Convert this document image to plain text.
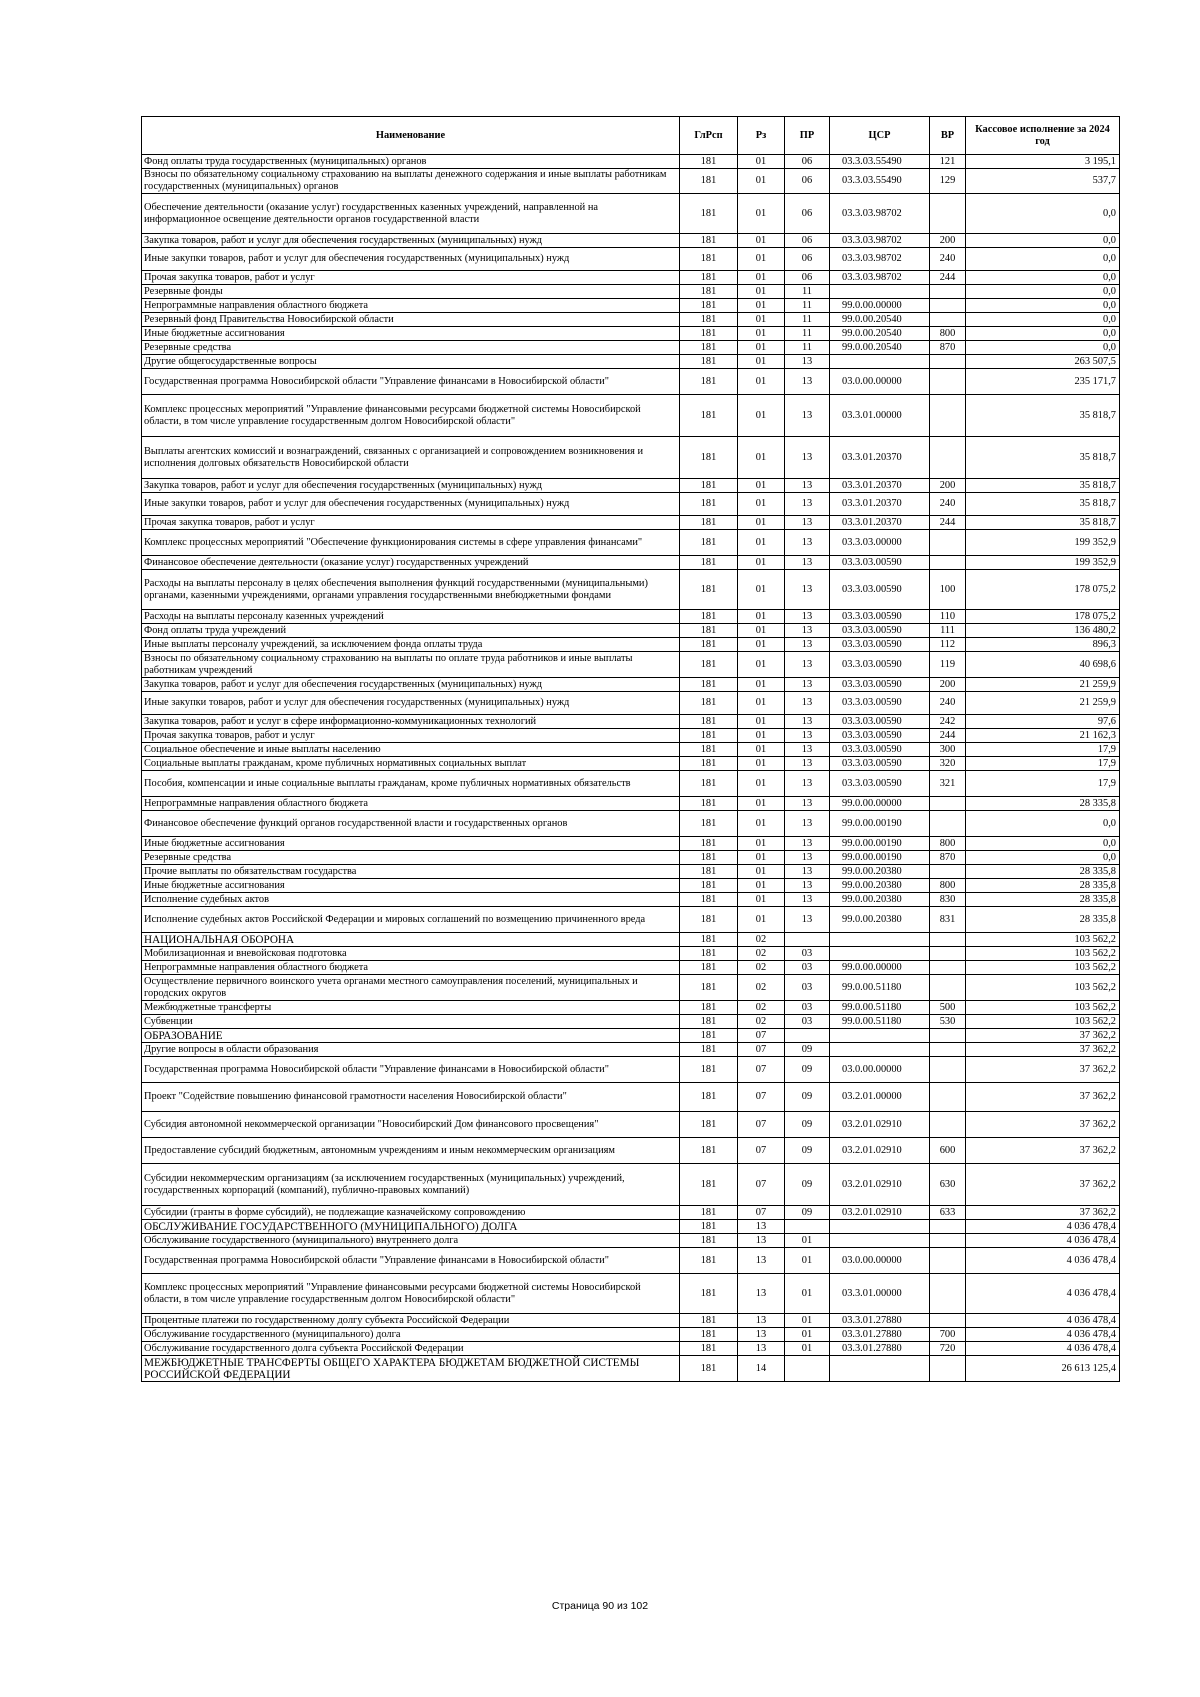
Наименование	ГлРсп	Рз	ПР	ЦСР	ВР	Кассовое исполнение за 2024 год
Фонд оплаты труда государственных (муниципальных) органов	181	01	06	03.3.03.55490	121	3 195,1
Взносы по обязательному социальному страхованию на выплаты денежного содержания и иные выплаты работникам государственных (муниципальных) органов	181	01	06	03.3.03.55490	129	537,7
Обеспечение деятельности (оказание услуг) государственных казенных учреждений, направленной на информационное освещение деятельности органов государственной власти	181	01	06	03.3.03.98702		0,0
Закупка товаров, работ и услуг для обеспечения государственных (муниципальных) нужд	181	01	06	03.3.03.98702	200	0,0
Иные закупки товаров, работ и услуг для обеспечения государственных (муниципальных) нужд	181	01	06	03.3.03.98702	240	0,0
Прочая закупка товаров, работ и услуг	181	01	06	03.3.03.98702	244	0,0
Резервные фонды	181	01	11			0,0
Непрограммные направления областного бюджета	181	01	11	99.0.00.00000		0,0
Резервный фонд Правительства Новосибирской области	181	01	11	99.0.00.20540		0,0
Иные бюджетные ассигнования	181	01	11	99.0.00.20540	800	0,0
Резервные средства	181	01	11	99.0.00.20540	870	0,0
Другие общегосударственные вопросы	181	01	13			263 507,5
Государственная программа Новосибирской области "Управление финансами в Новосибирской области"	181	01	13	03.0.00.00000		235 171,7
Комплекс процессных мероприятий "Управление финансовыми ресурсами бюджетной системы Новосибирской области, в том числе управление государственным долгом Новосибирской области"	181	01	13	03.3.01.00000		35 818,7
Выплаты агентских комиссий и вознаграждений, связанных с организацией и сопровождением возникновения и исполнения долговых обязательств Новосибирской области	181	01	13	03.3.01.20370		35 818,7
Закупка товаров, работ и услуг для обеспечения государственных (муниципальных) нужд	181	01	13	03.3.01.20370	200	35 818,7
Иные закупки товаров, работ и услуг для обеспечения государственных (муниципальных) нужд	181	01	13	03.3.01.20370	240	35 818,7
Прочая закупка товаров, работ и услуг	181	01	13	03.3.01.20370	244	35 818,7
Комплекс процессных мероприятий "Обеспечение функционирования системы в сфере управления финансами"	181	01	13	03.3.03.00000		199 352,9
Финансовое обеспечение деятельности (оказание услуг) государственных учреждений	181	01	13	03.3.03.00590		199 352,9
Расходы на выплаты персоналу в целях обеспечения выполнения функций государственными (муниципальными) органами, казенными учреждениями, органами управления государственными внебюджетными фондами	181	01	13	03.3.03.00590	100	178 075,2
Расходы на выплаты персоналу казенных учреждений	181	01	13	03.3.03.00590	110	178 075,2
Фонд оплаты труда учреждений	181	01	13	03.3.03.00590	111	136 480,2
Иные выплаты персоналу учреждений, за исключением фонда оплаты труда	181	01	13	03.3.03.00590	112	896,3
Взносы по обязательному социальному страхованию на выплаты по оплате труда работников и иные выплаты работникам учреждений	181	01	13	03.3.03.00590	119	40 698,6
Закупка товаров, работ и услуг для обеспечения государственных (муниципальных) нужд	181	01	13	03.3.03.00590	200	21 259,9
Иные закупки товаров, работ и услуг для обеспечения государственных (муниципальных) нужд	181	01	13	03.3.03.00590	240	21 259,9
Закупка товаров, работ и услуг в сфере информационно-коммуникационных технологий	181	01	13	03.3.03.00590	242	97,6
Прочая закупка товаров, работ и услуг	181	01	13	03.3.03.00590	244	21 162,3
Социальное обеспечение и иные выплаты населению	181	01	13	03.3.03.00590	300	17,9
Социальные выплаты гражданам, кроме публичных нормативных социальных выплат	181	01	13	03.3.03.00590	320	17,9
Пособия, компенсации и иные социальные выплаты гражданам, кроме публичных нормативных обязательств	181	01	13	03.3.03.00590	321	17,9
Непрограммные направления областного бюджета	181	01	13	99.0.00.00000		28 335,8
Финансовое обеспечение функций органов государственной власти и государственных органов	181	01	13	99.0.00.00190		0,0
Иные бюджетные ассигнования	181	01	13	99.0.00.00190	800	0,0
Резервные средства	181	01	13	99.0.00.00190	870	0,0
Прочие выплаты по обязательствам государства	181	01	13	99.0.00.20380		28 335,8
Иные бюджетные ассигнования	181	01	13	99.0.00.20380	800	28 335,8
Исполнение судебных актов	181	01	13	99.0.00.20380	830	28 335,8
Исполнение судебных актов Российской Федерации и мировых соглашений по возмещению причиненного вреда	181	01	13	99.0.00.20380	831	28 335,8
НАЦИОНАЛЬНАЯ ОБОРОНА	181	02				103 562,2
Мобилизационная и вневойсковая подготовка	181	02	03			103 562,2
Непрограммные направления областного бюджета	181	02	03	99.0.00.00000		103 562,2
Осуществление первичного воинского учета органами местного самоуправления поселений, муниципальных и городских округов	181	02	03	99.0.00.51180		103 562,2
Межбюджетные трансферты	181	02	03	99.0.00.51180	500	103 562,2
Субвенции	181	02	03	99.0.00.51180	530	103 562,2
ОБРАЗОВАНИЕ	181	07				37 362,2
Другие вопросы в области образования	181	07	09			37 362,2
Государственная программа Новосибирской области "Управление финансами в Новосибирской области"	181	07	09	03.0.00.00000		37 362,2
Проект "Содействие повышению финансовой грамотности населения Новосибирской области"	181	07	09	03.2.01.00000		37 362,2
Субсидия автономной некоммерческой организации "Новосибирский Дом финансового просвещения"	181	07	09	03.2.01.02910		37 362,2
Предоставление субсидий бюджетным, автономным учреждениям и иным некоммерческим организациям	181	07	09	03.2.01.02910	600	37 362,2
Субсидии некоммерческим организациям (за исключением государственных (муниципальных) учреждений, государственных корпораций (компаний), публично-правовых компаний)	181	07	09	03.2.01.02910	630	37 362,2
Субсидии (гранты в форме субсидий), не подлежащие казначейскому сопровождению	181	07	09	03.2.01.02910	633	37 362,2
ОБСЛУЖИВАНИЕ ГОСУДАРСТВЕННОГО (МУНИЦИПАЛЬНОГО) ДОЛГА	181	13				4 036 478,4
Обслуживание государственного (муниципального) внутреннего долга	181	13	01			4 036 478,4
Государственная программа Новосибирской области "Управление финансами в Новосибирской области"	181	13	01	03.0.00.00000		4 036 478,4
Комплекс процессных мероприятий "Управление финансовыми ресурсами бюджетной системы Новосибирской области, в том числе управление государственным долгом Новосибирской области"	181	13	01	03.3.01.00000		4 036 478,4
Процентные платежи по государственному долгу субъекта Российской Федерации	181	13	01	03.3.01.27880		4 036 478,4
Обслуживание государственного (муниципального) долга	181	13	01	03.3.01.27880	700	4 036 478,4
Обслуживание государственного долга субъекта Российской Федерации	181	13	01	03.3.01.27880	720	4 036 478,4
МЕЖБЮДЖЕТНЫЕ ТРАНСФЕРТЫ ОБЩЕГО ХАРАКТЕРА БЮДЖЕТАМ БЮДЖЕТНОЙ СИСТЕМЫ РОССИЙСКОЙ ФЕДЕРАЦИИ	181	14				26 613 125,4
Страница 90 из 102
